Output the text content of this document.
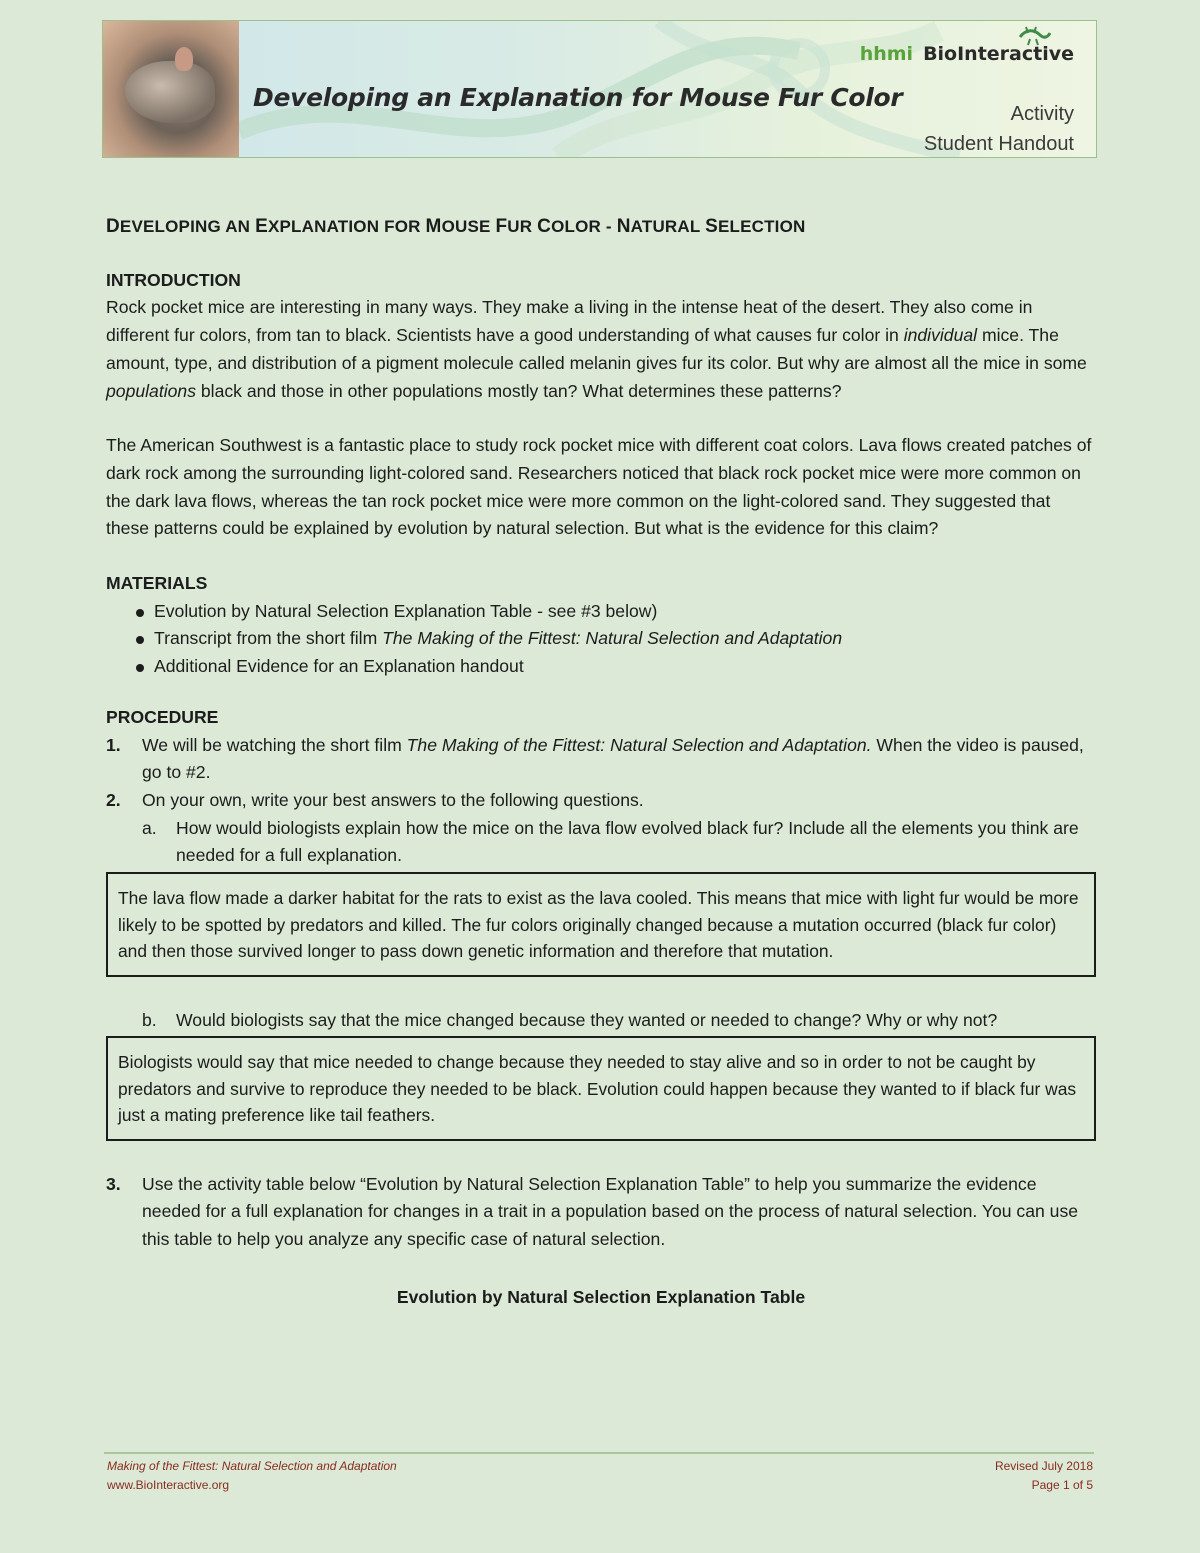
Developing an Explanation for Mouse Fur Color
hhmi BioInteractive
Activity
Student Handout
DEVELOPING AN EXPLANATION FOR MOUSE FUR COLOR - NATURAL SELECTION
INTRODUCTION

Rock pocket mice are interesting in many ways. They make a living in the intense heat of the desert. They also come in different fur colors, from tan to black. Scientists have a good understanding of what causes fur color in individual mice. The amount, type, and distribution of a pigment molecule called melanin gives fur its color. But why are almost all the mice in some populations black and those in other populations mostly tan? What determines these patterns?

The American Southwest is a fantastic place to study rock pocket mice with different coat colors. Lava flows created patches of dark rock among the surrounding light-colored sand. Researchers noticed that black rock pocket mice were more common on the dark lava flows, whereas the tan rock pocket mice were more common on the light-colored sand. They suggested that these patterns could be explained by evolution by natural selection. But what is the evidence for this claim?

MATERIALS
Evolution by Natural Selection Explanation Table - see #3 below)
Transcript from the short film The Making of the Fittest: Natural Selection and Adaptation
Additional Evidence for an Explanation handout
PROCEDURE
1. We will be watching the short film The Making of the Fittest: Natural Selection and Adaptation. When the video is paused, go to #2.
2. On your own, write your best answers to the following questions.
a. How would biologists explain how the mice on the lava flow evolved black fur? Include all the elements you think are needed for a full explanation.
The lava flow made a darker habitat for the rats to exist as the lava cooled. This means that mice with light fur would be more likely to be spotted by predators and killed. The fur colors originally changed because a mutation occurred (black fur color) and then those survived longer to pass down genetic information and therefore that mutation.
b. Would biologists say that the mice changed because they wanted or needed to change? Why or why not?
Biologists would say that mice needed to change because they needed to stay alive and so in order to not be caught by predators and survive to reproduce they needed to be black. Evolution could happen because they wanted to if black fur was just a mating preference like tail feathers.
3. Use the activity table below “Evolution by Natural Selection Explanation Table” to help you summarize the evidence needed for a full explanation for changes in a trait in a population based on the process of natural selection. You can use this table to help you analyze any specific case of natural selection.
Evolution by Natural Selection Explanation Table
Making of the Fittest: Natural Selection and Adaptation
www.BioInteractive.org
Revised July 2018
Page 1 of 5
